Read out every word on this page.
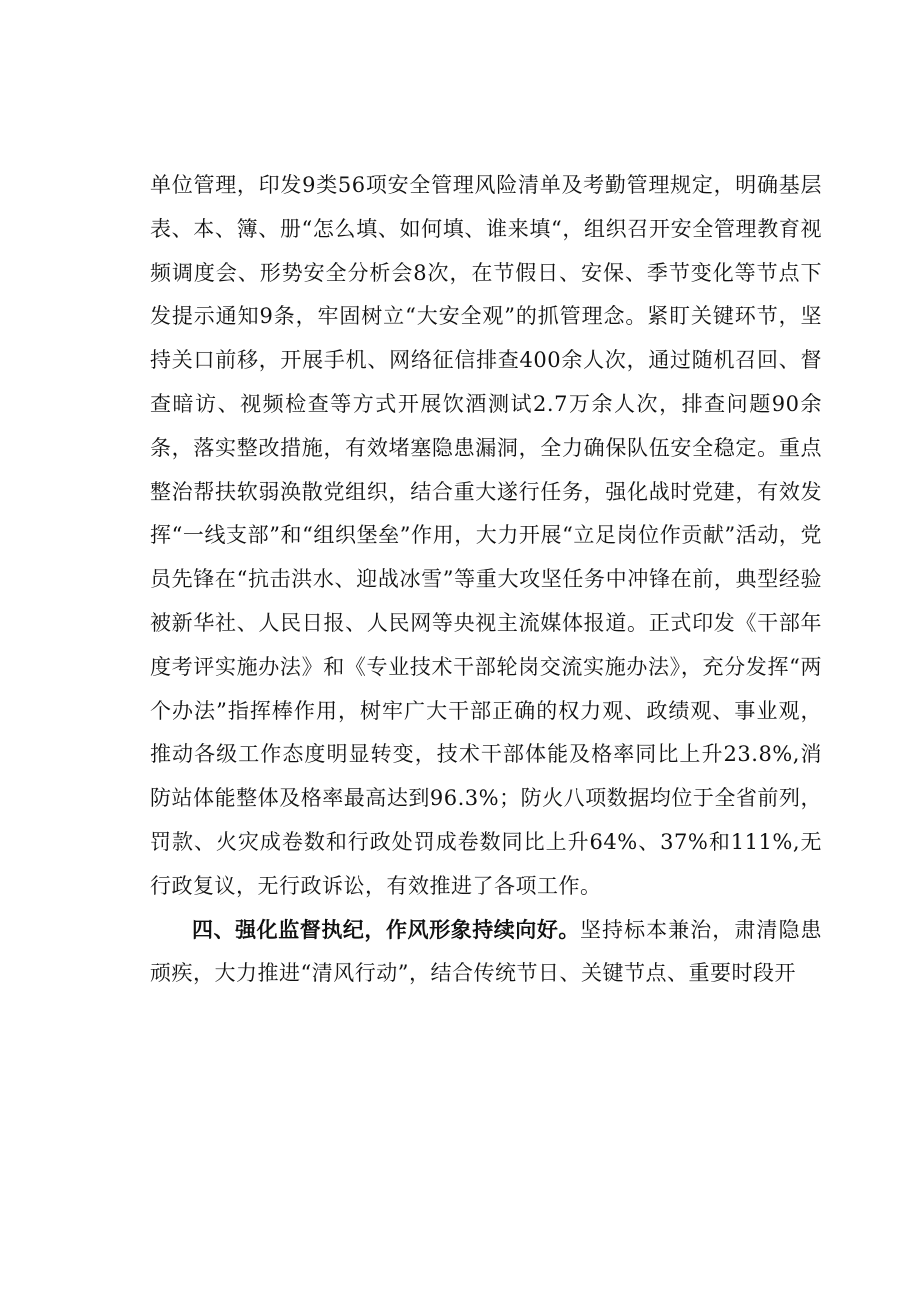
单位管理，印发9类56项安全管理风险清单及考勤管理规定，明确基层表、本、簿、册“怎么填、如何填、谁来填“，组织召开安全管理教育视频调度会、形势安全分析会8次，在节假日、安保、季节变化等节点下发提示通知9条，牢固树立“大安全观”的抓管理念。紧盯关键环节，坚持关口前移，开展手机、网络征信排查400余人次，通过随机召回、督查暗访、视频检查等方式开展饮酒测试2.7万余人次，排查问题90余条，落实整改措施，有效堵塞隐患漏洞，全力确保队伍安全稳定。重点整治帮扶软弱涣散党组织，结合重大遂行任务，强化战时党建，有效发挥“一线支部”和“组织堡垒”作用，大力开展“立足岗位作贡献”活动，党员先锋在“抗击洪水、迎战冰雪”等重大攻坚任务中冲锋在前，典型经验被新华社、人民日报、人民网等央视主流媒体报道。正式印发《干部年度考评实施办法》和《专业技术干部轮岗交流实施办法》，充分发挥“两个办法”指挥棒作用，树牢广大干部正确的权力观、政绩观、事业观，推动各级工作态度明显转变，技术干部体能及格率同比上升23.8%,消防站体能整体及格率最高达到96.3%；防火八项数据均位于全省前列，罚款、火灾成卷数和行政处罚成卷数同比上升64%、37%和111%,无行政复议，无行政诉讼，有效推进了各项工作。

四、强化监督执纪，作风形象持续向好。坚持标本兼治，肃清隐患顽疾，大力推进“清风行动”，结合传统节日、关键节点、重要时段开
